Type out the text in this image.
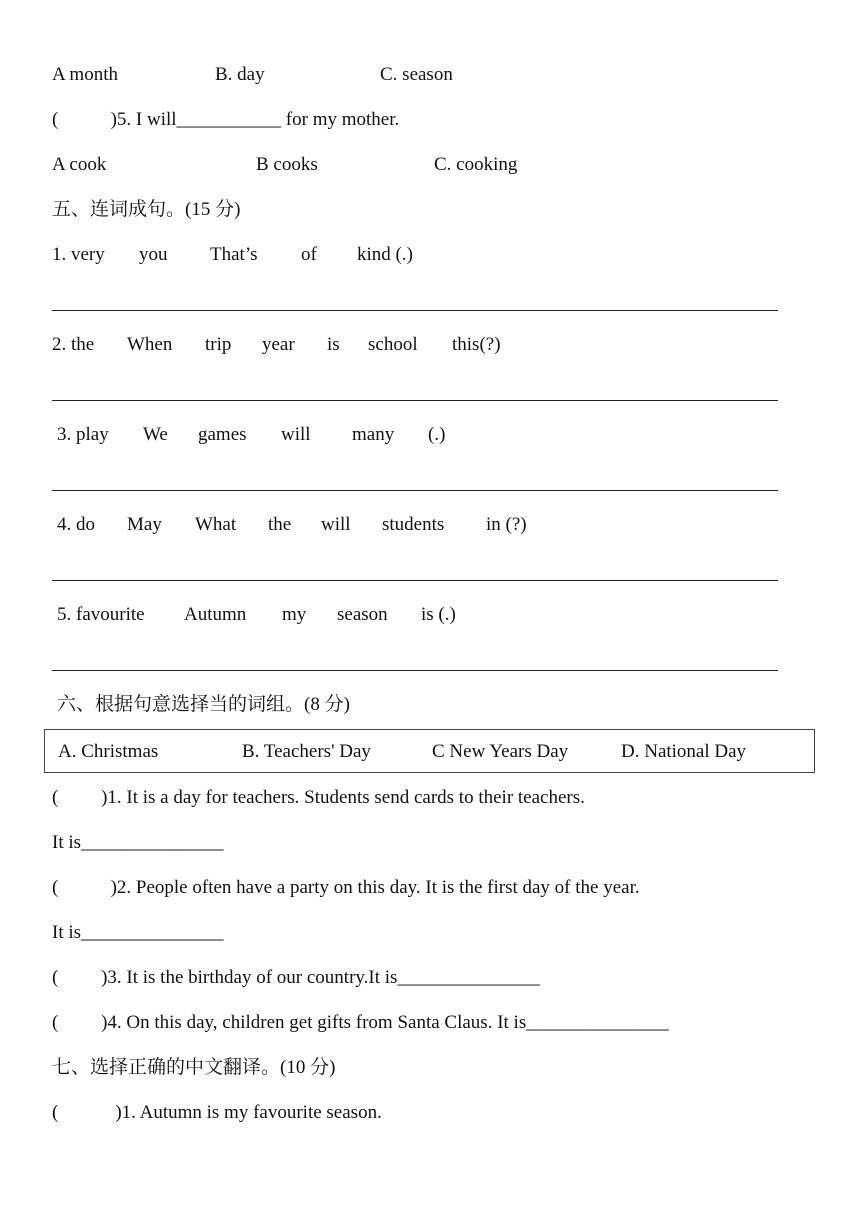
A month	B. day	C. season
(           )5. I will___________ for my mother.
A cook	B cooks	C. cooking
五、连词成句。(15 分)
1. very you That’s of kind (.)
2. the When trip year is school this(?)
3. play We games will many (.)
4. do May What the will students in (?)
5. favourite Autumn my season is (.)
六、根据句意选择当的词组。(8 分)
A. Christmas	B. Teachers' Day	C New Years Day	D. National Day
(         )1. It is a day for teachers. Students send cards to their teachers.
It is_______________
(           )2. People often have a party on this day. It is the first day of the year.
It is_______________
(         )3. It is the birthday of our country.It is_______________
(         )4. On this day, children get gifts from Santa Claus. It is_______________
七、选择正确的中文翻译。(10 分)
(            )1. Autumn is my favourite season.
